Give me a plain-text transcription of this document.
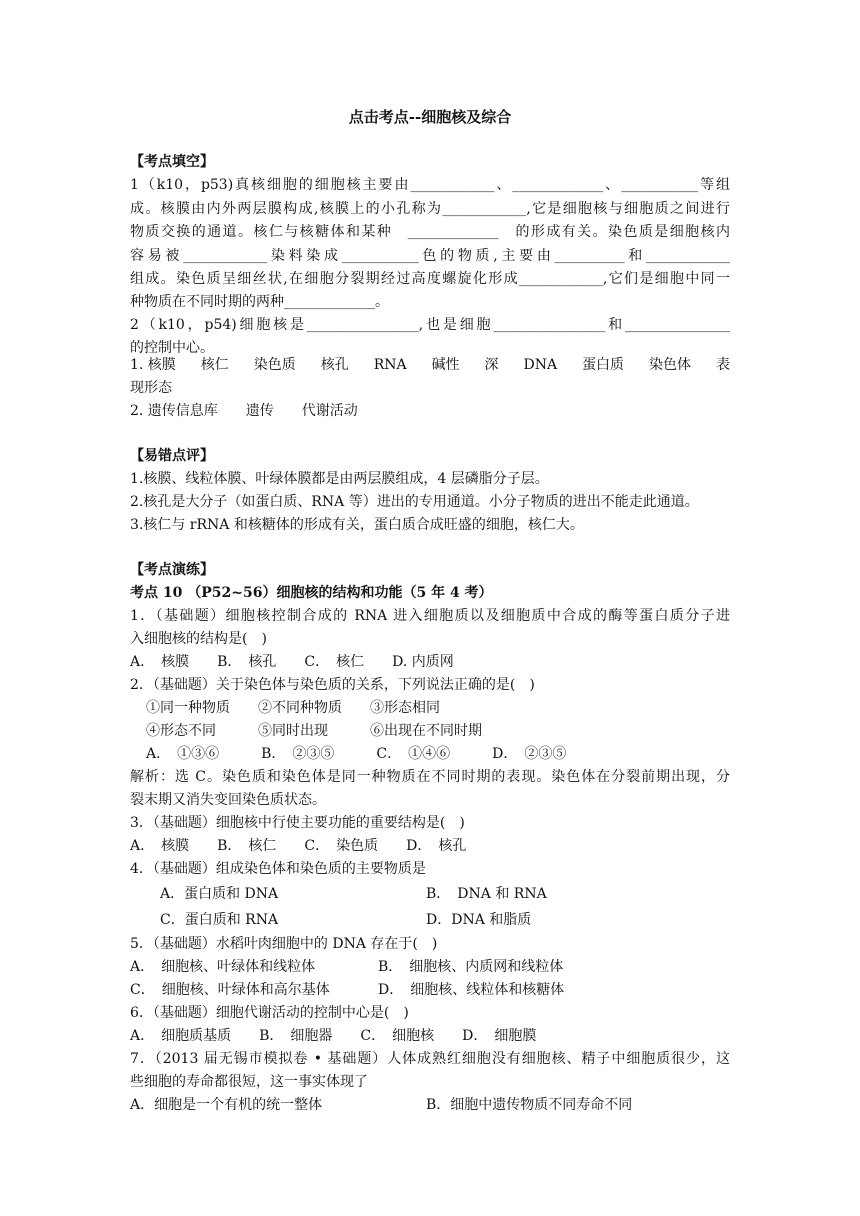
点击考点--细胞核及综合
【考点填空】
1（k10，p53)真核细胞的细胞核主要由____________、_____________、___________等组
成。核膜由内外两层膜构成,核膜上的小孔称为____________,它是细胞核与细胞质之间进行
物质交换的通道。核仁与核糖体和某种　_____________　的形成有关。染色质是细胞核内
容易被____________染料染成___________色的物质,主要由__________和____________
组成。染色质呈细丝状,在细胞分裂期经过高度螺旋化形成____________,它们是细胞中同一
种物质在不同时期的两种_____________。
2（k10，p54)细胞核是________________,也是细胞________________和_______________
的控制中心。
1. 核膜 核仁 染色质 核孔 RNA 碱性 深 DNA 蛋白质 染色体 表
现形态
2. 遗传信息库　　遗传　　代谢活动
【易错点评】
1.核膜、线粒体膜、叶绿体膜都是由两层膜组成，4 层磷脂分子层。
2.核孔是大分子（如蛋白质、RNA 等）进出的专用通道。小分子物质的进出不能走此通道。
3.核仁与 rRNA 和核糖体的形成有关，蛋白质合成旺盛的细胞，核仁大。
【考点演练】
考点 10 （P52~56）细胞核的结构和功能（5 年 4 考）
1．（基础题）细胞核控制合成的 RNA 进入细胞质以及细胞质中合成的酶等蛋白质分子进
入细胞核的结构是(　)
A．　核膜　　B．　核孔　　C．　核仁　　D. 内质网
2．（基础题）关于染色体与染色质的关系，下列说法正确的是(　)
①同一种物质　　②不同种物质　　③形态相同
④形态不同　　　⑤同时出现　　　⑥出现在不同时期
A．　①③⑥　　　B．　②③⑤　　　C．　①④⑥　　　D．　②③⑤
解析：选 C。染色质和染色体是同一种物质在不同时期的表现。染色体在分裂前期出现，分
裂末期又消失变回染色质状态。
3．（基础题）细胞核中行使主要功能的重要结构是(　)
A．　核膜　　B．　核仁　　C．　染色质　　D．　核孔
4．（基础题）组成染色体和染色质的主要物质是
A．蛋白质和 DNA	B．　DNA 和 RNA
C．蛋白质和 RNA	D．DNA 和脂质
5．（基础题）水稻叶肉细胞中的 DNA 存在于(　)
A．　细胞核、叶绿体和线粒体	B．　细胞核、内质网和线粒体
C．　细胞核、叶绿体和高尔基体	D．　细胞核、线粒体和核糖体
6．（基础题）细胞代谢活动的控制中心是(　)
A．　细胞质基质　　B．　细胞器　　C．　细胞核　　D．　细胞膜
7．（2013 届无锡市模拟卷 • 基础题）人体成熟红细胞没有细胞核、精子中细胞质很少，这
些细胞的寿命都很短，这一事实体现了
A．细胞是一个有机的统一整体	B．细胞中遗传物质不同寿命不同
